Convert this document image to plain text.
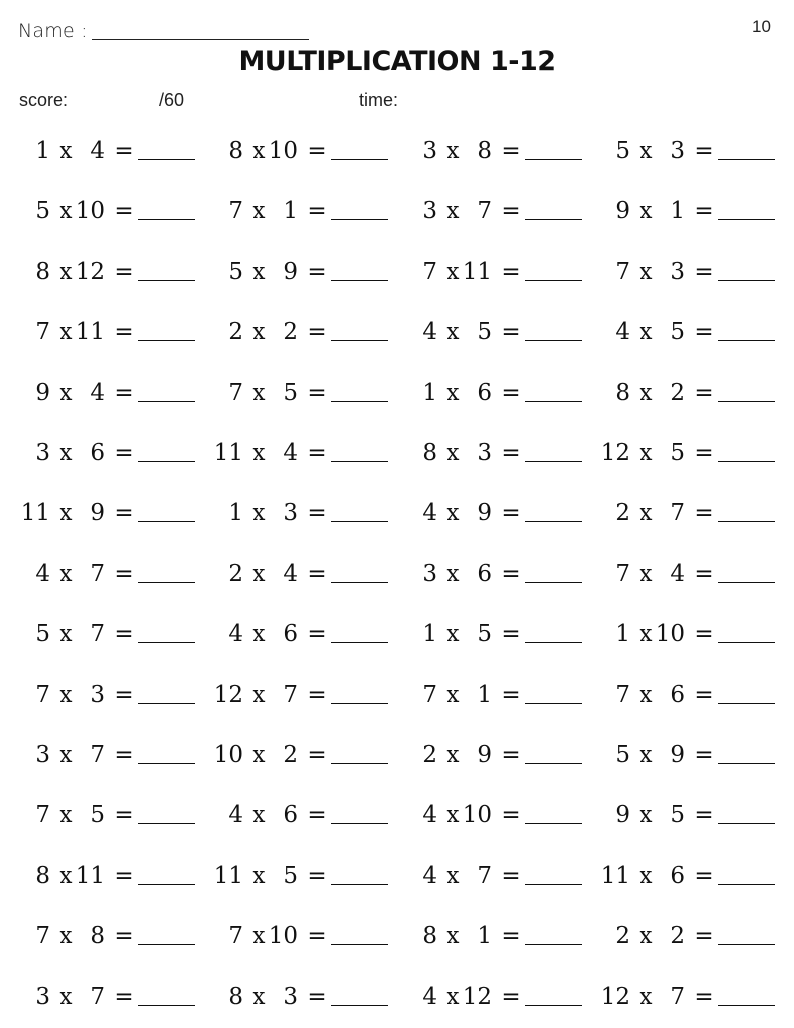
Name :	10
MULTIPLICATION 1-12
score:	/60	time:
1 x 4 =	8 x 10 =	3 x 8 =	5 x 3 =
5 x 10 =	7 x 1 =	3 x 7 =	9 x 1 =
8 x 12 =	5 x 9 =	7 x 11 =	7 x 3 =
7 x 11 =	2 x 2 =	4 x 5 =	4 x 5 =
9 x 4 =	7 x 5 =	1 x 6 =	8 x 2 =
3 x 6 =	11 x 4 =	8 x 3 =	12 x 5 =
11 x 9 =	1 x 3 =	4 x 9 =	2 x 7 =
4 x 7 =	2 x 4 =	3 x 6 =	7 x 4 =
5 x 7 =	4 x 6 =	1 x 5 =	1 x 10 =
7 x 3 =	12 x 7 =	7 x 1 =	7 x 6 =
3 x 7 =	10 x 2 =	2 x 9 =	5 x 9 =
7 x 5 =	4 x 6 =	4 x 10 =	9 x 5 =
8 x 11 =	11 x 5 =	4 x 7 =	11 x 6 =
7 x 8 =	7 x 10 =	8 x 1 =	2 x 2 =
3 x 7 =	8 x 3 =	4 x 12 =	12 x 7 =
